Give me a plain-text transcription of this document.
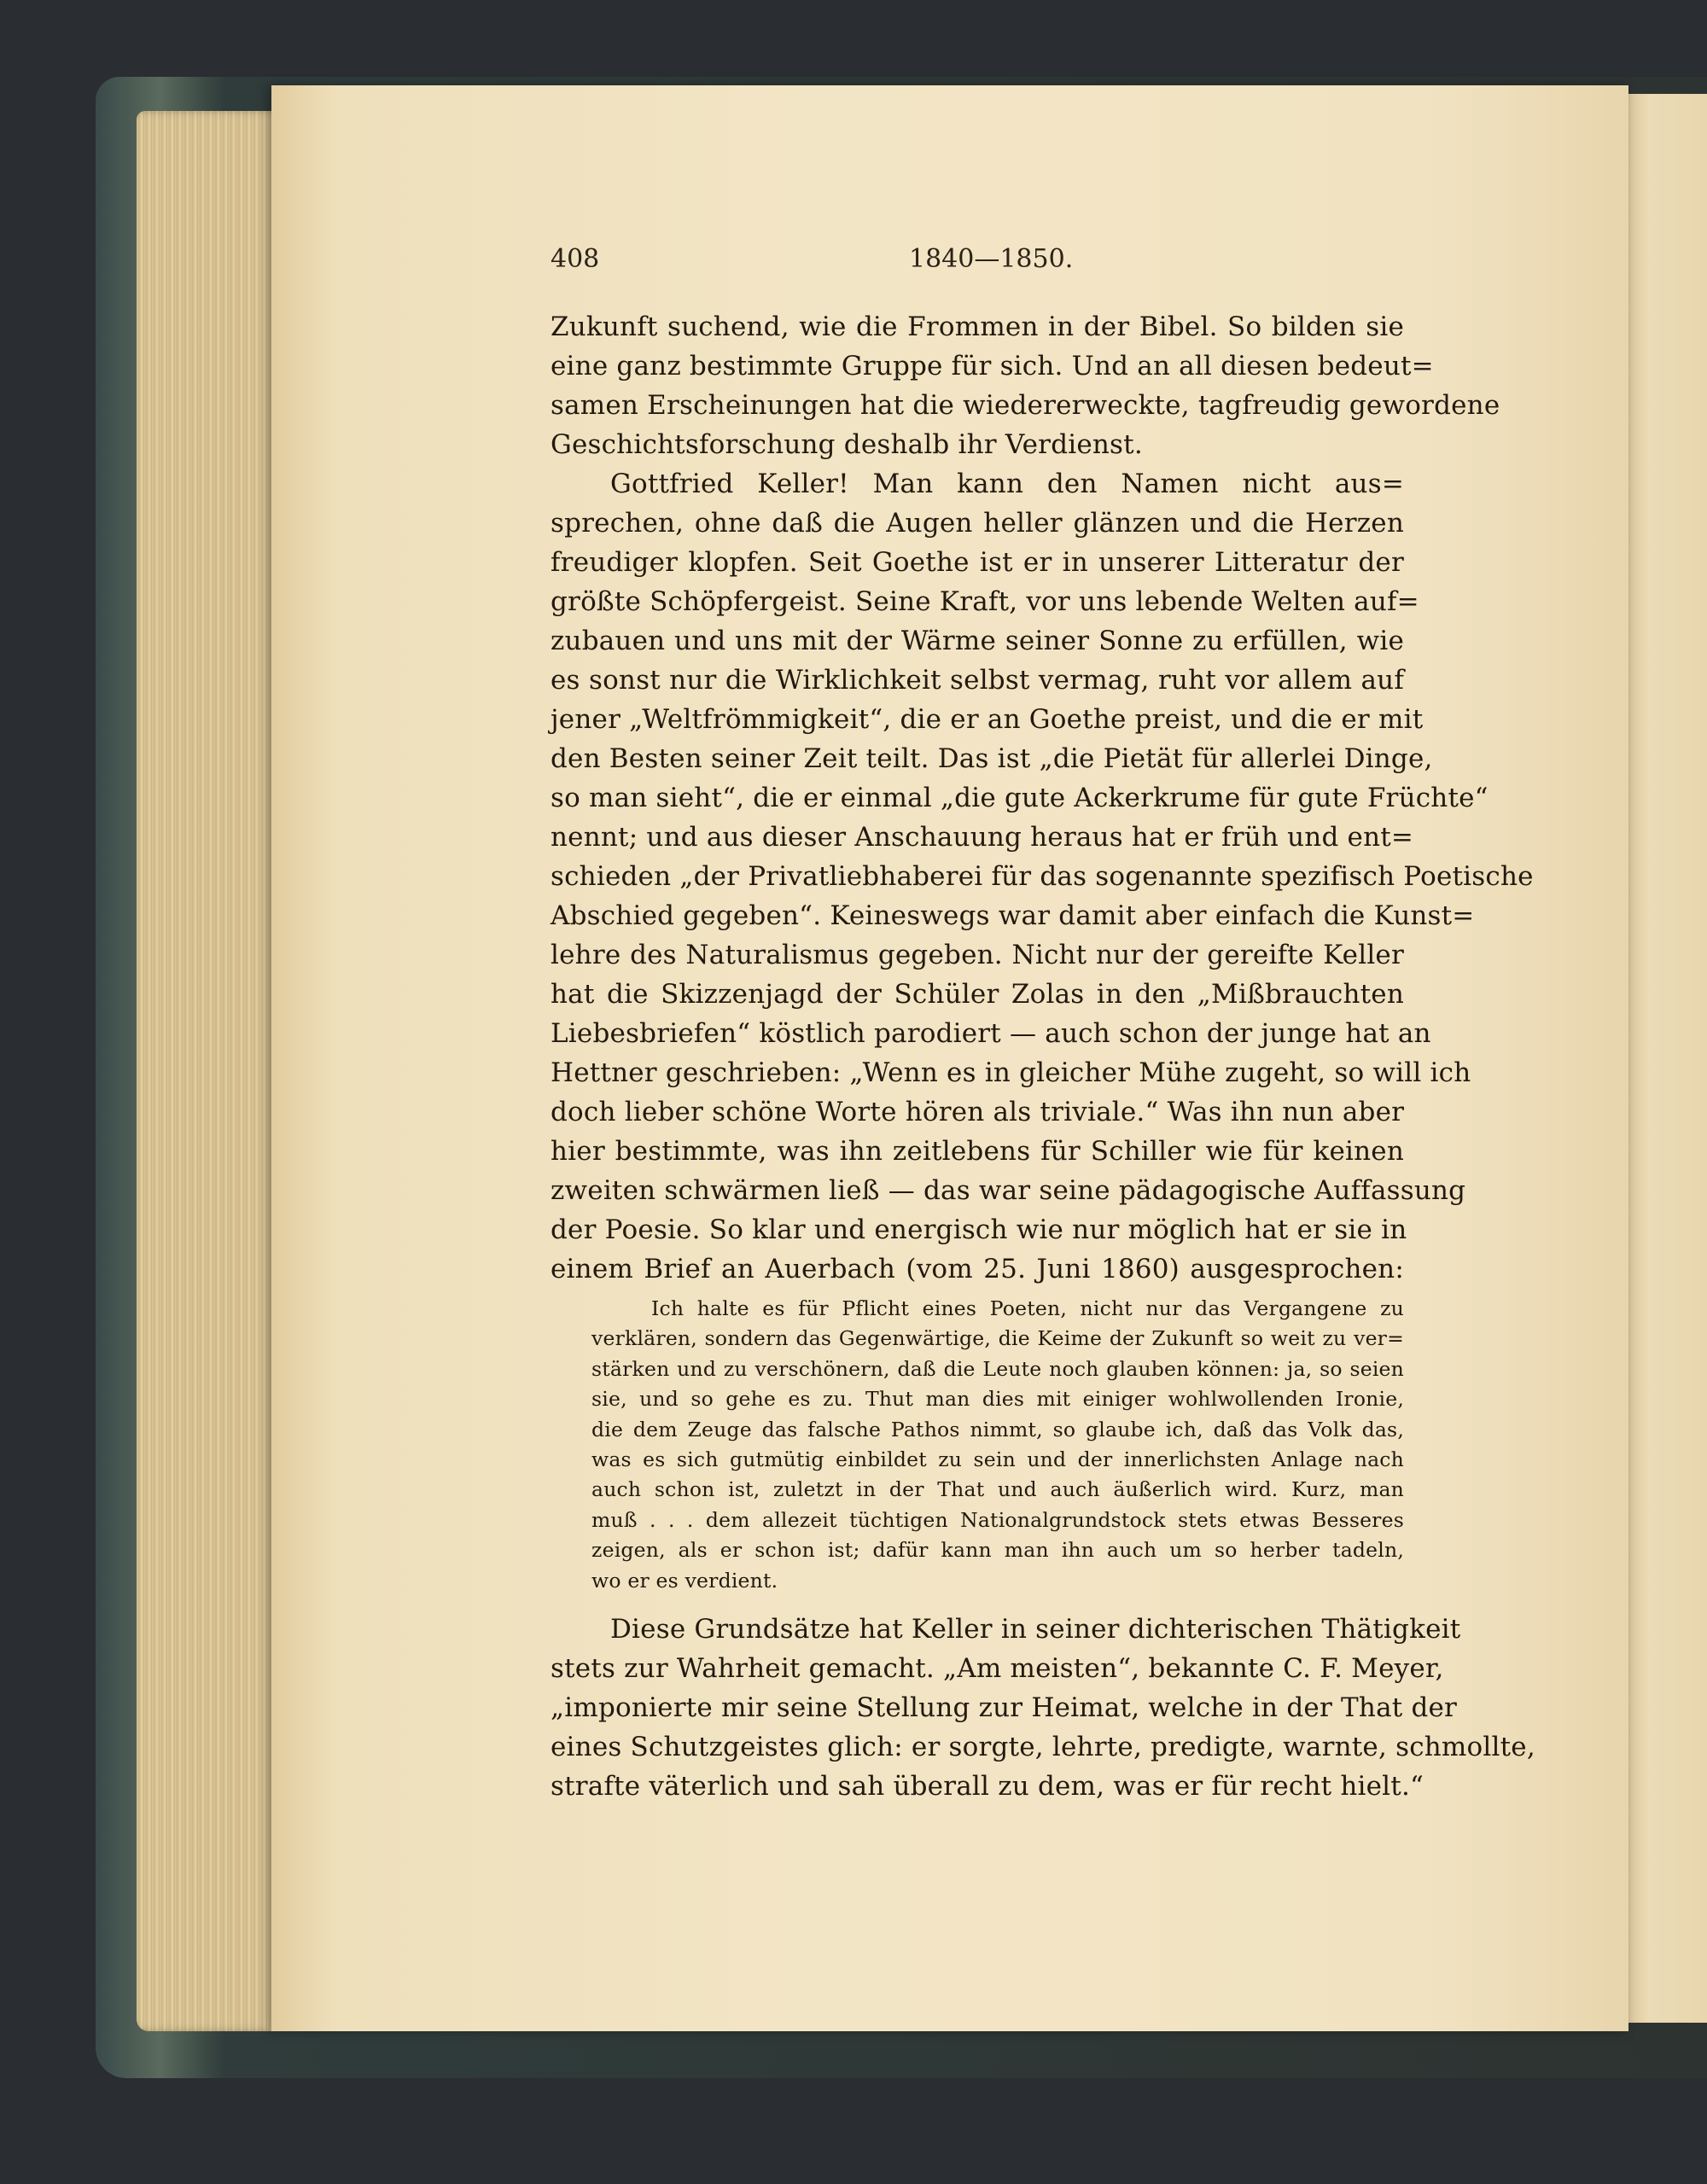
408	1840—1850.
Zukunft suchend, wie die Frommen in der Bibel. So bilden sie
eine ganz bestimmte Gruppe für sich. Und an all diesen bedeut=
samen Erscheinungen hat die wiedererweckte, tagfreudig gewordene
Geschichtsforschung deshalb ihr Verdienst.
Gottfried Keller! Man kann den Namen nicht aus=
sprechen, ohne daß die Augen heller glänzen und die Herzen
freudiger klopfen. Seit Goethe ist er in unserer Litteratur der
größte Schöpfergeist. Seine Kraft, vor uns lebende Welten auf=
zubauen und uns mit der Wärme seiner Sonne zu erfüllen, wie
es sonst nur die Wirklichkeit selbst vermag, ruht vor allem auf
jener „Weltfrömmigkeit“, die er an Goethe preist, und die er mit
den Besten seiner Zeit teilt. Das ist „die Pietät für allerlei Dinge,
so man sieht“, die er einmal „die gute Ackerkrume für gute Früchte“
nennt; und aus dieser Anschauung heraus hat er früh und ent=
schieden „der Privatliebhaberei für das sogenannte spezifisch Poetische
Abschied gegeben“. Keineswegs war damit aber einfach die Kunst=
lehre des Naturalismus gegeben. Nicht nur der gereifte Keller
hat die Skizzenjagd der Schüler Zolas in den „Mißbrauchten
Liebesbriefen“ köstlich parodiert — auch schon der junge hat an
Hettner geschrieben: „Wenn es in gleicher Mühe zugeht, so will ich
doch lieber schöne Worte hören als triviale.“ Was ihn nun aber
hier bestimmte, was ihn zeitlebens für Schiller wie für keinen
zweiten schwärmen ließ — das war seine pädagogische Auffassung
der Poesie. So klar und energisch wie nur möglich hat er sie in
einem Brief an Auerbach (vom 25. Juni 1860) ausgesprochen:
Ich halte es für Pflicht eines Poeten, nicht nur das Vergangene zu
verklären, sondern das Gegenwärtige, die Keime der Zukunft so weit zu ver=
stärken und zu verschönern, daß die Leute noch glauben können: ja, so seien
sie, und so gehe es zu. Thut man dies mit einiger wohlwollenden Ironie,
die dem Zeuge das falsche Pathos nimmt, so glaube ich, daß das Volk das,
was es sich gutmütig einbildet zu sein und der innerlichsten Anlage nach
auch schon ist, zuletzt in der That und auch äußerlich wird. Kurz, man
muß . . . dem allezeit tüchtigen Nationalgrundstock stets etwas Besseres
zeigen, als er schon ist; dafür kann man ihn auch um so herber tadeln,
wo er es verdient.
Diese Grundsätze hat Keller in seiner dichterischen Thätigkeit
stets zur Wahrheit gemacht. „Am meisten“, bekannte C. F. Meyer,
„imponierte mir seine Stellung zur Heimat, welche in der That der
eines Schutzgeistes glich: er sorgte, lehrte, predigte, warnte, schmollte,
strafte väterlich und sah überall zu dem, was er für recht hielt.“
